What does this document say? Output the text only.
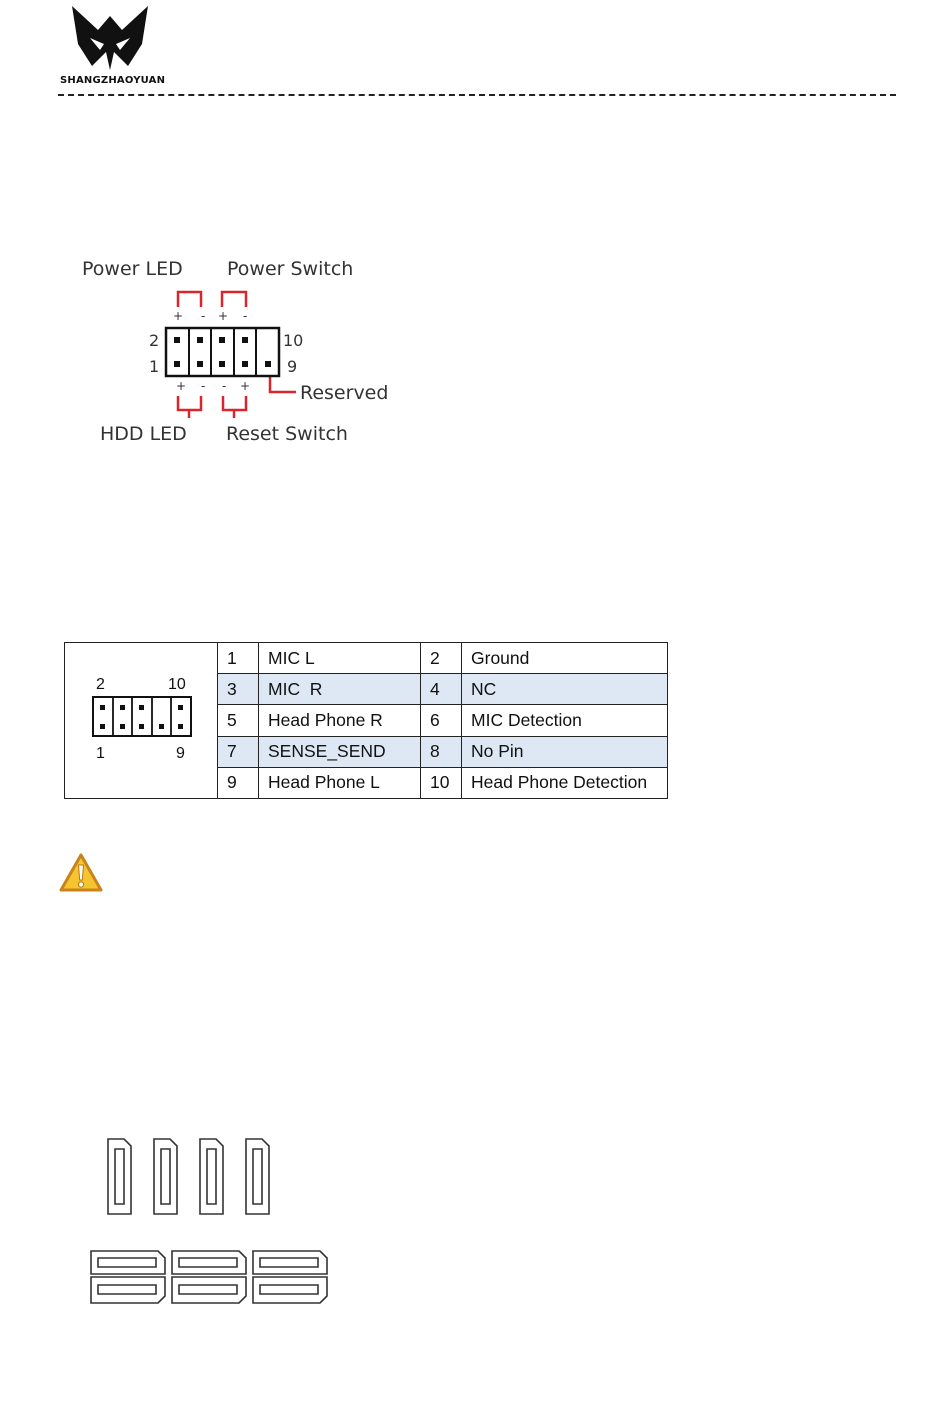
SHANGZHAOYUAN
Power LED Power Switch
HDD LED Reset Switch
Reserved
2
1
10
9
+ - + -
+ - - +
2 10
1 9	1	MIC L	2	Ground
	3	MIC  R	4	NC
	5	Head Phone R	6	MIC Detection
	7	SENSE_SEND	8	No Pin
	9	Head Phone L	10	Head Phone Detection
